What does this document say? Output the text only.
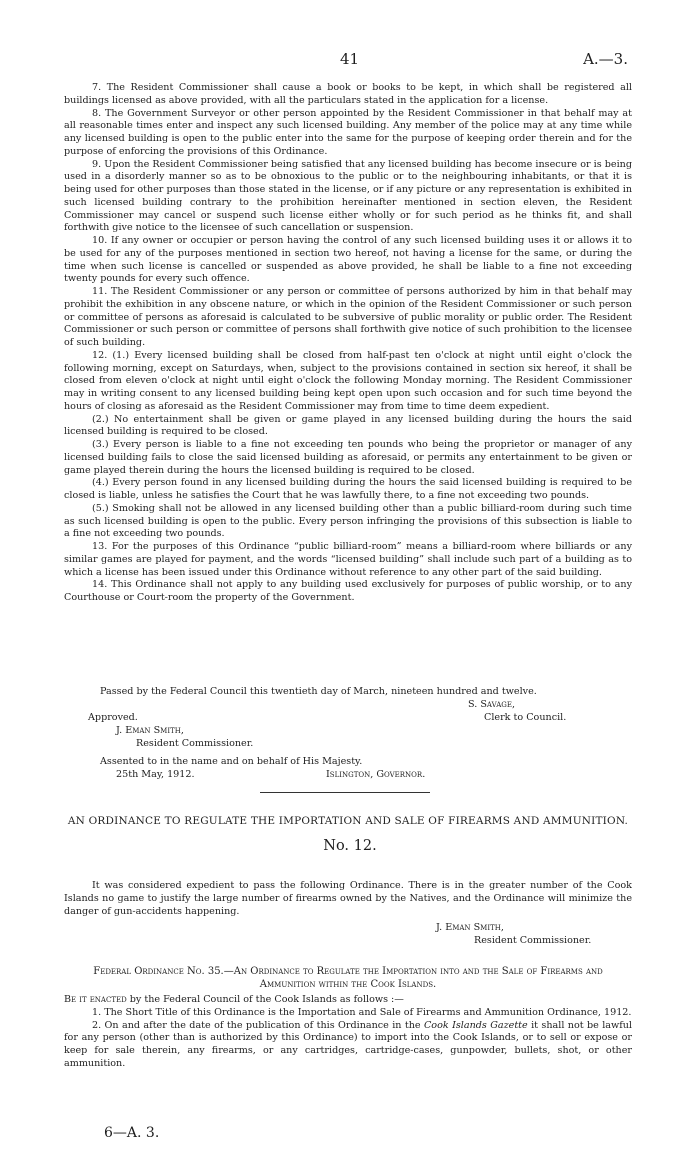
41	A.—3.

7. The Resident Commissioner shall cause a book or books to be kept, in which shall be registered all buildings licensed as above provided, with all the particulars stated in the application for a license.

8. The Government Surveyor or other person appointed by the Resident Commissioner in that behalf may at all reasonable times enter and inspect any such licensed building. Any member of the police may at any time while any licensed building is open to the public enter into the same for the purpose of keeping order therein and for the purpose of enforcing the provisions of this Ordinance.

9. Upon the Resident Commissioner being satisfied that any licensed building has become insecure or is being used in a disorderly manner so as to be obnoxious to the public or to the neighbouring inhabitants, or that it is being used for other purposes than those stated in the license, or if any picture or any representation is exhibited in such licensed building contrary to the prohibition hereinafter mentioned in section eleven, the Resident Commissioner may cancel or suspend such license either wholly or for such period as he thinks fit, and shall forthwith give notice to the licensee of such cancellation or suspension.

10. If any owner or occupier or person having the control of any such licensed building uses it or allows it to be used for any of the purposes mentioned in section two hereof, not having a license for the same, or during the time when such license is cancelled or suspended as above provided, he shall be liable to a fine not exceeding twenty pounds for every such offence.

11. The Resident Commissioner or any person or committee of persons authorized by him in that behalf may prohibit the exhibition in any obscene nature, or which in the opinion of the Resident Commissioner or such person or committee of persons as aforesaid is calculated to be subversive of public morality or public order. The Resident Commissioner or such person or committee of persons shall forthwith give notice of such prohibition to the licensee of such building.

12. (1.) Every licensed building shall be closed from half-past ten o'clock at night until eight o'clock the following morning, except on Saturdays, when, subject to the provisions contained in section six hereof, it shall be closed from eleven o'clock at night until eight o'clock the following Monday morning. The Resident Commissioner may in writing consent to any licensed building being kept open upon such occasion and for such time beyond the hours of closing as aforesaid as the Resident Commissioner may from time to time deem expedient.

(2.) No entertainment shall be given or game played in any licensed building during the hours the said licensed building is required to be closed.

(3.) Every person is liable to a fine not exceeding ten pounds who being the proprietor or manager of any licensed building fails to close the said licensed building as aforesaid, or permits any entertainment to be given or game played therein during the hours the licensed building is required to be closed.

(4.) Every person found in any licensed building during the hours the said licensed building is required to be closed is liable, unless he satisfies the Court that he was lawfully there, to a fine not exceeding two pounds.

(5.) Smoking shall not be allowed in any licensed building other than a public billiard-room during such time as such licensed building is open to the public. Every person infringing the provisions of this subsection is liable to a fine not exceeding two pounds.

13. For the purposes of this Ordinance “public billiard-room” means a billiard-room where billiards or any similar games are played for payment, and the words “licensed building” shall include such part of a building as to which a license has been issued under this Ordinance without reference to any other part of the said building.

14. This Ordinance shall not apply to any building used exclusively for purposes of public worship, or to any Courthouse or Court-room the property of the Government.

Passed by the Federal Council this twentieth day of March, nineteen hundred and twelve.
S. Savage,
Clerk to Council.
Approved.
J. Eman Smith,
Resident Commissioner.
Assented to in the name and on behalf of His Majesty.
25th May, 1912.	Islington, Governor.
AN ORDINANCE TO REGULATE THE IMPORTATION AND SALE OF FIREARMS AND AMMUNITION.
No. 12.

It was considered expedient to pass the following Ordinance. There is in the greater number of the Cook Islands no game to justify the large number of firearms owned by the Natives, and the Ordinance will minimize the danger of gun-accidents happening.

J. Eman Smith,
Resident Commissioner.
Federal Ordinance No. 35.—An Ordinance to Regulate the Importation into and the Sale of Firearms and Ammunition within the Cook Islands.

Be it enacted by the Federal Council of the Cook Islands as follows :—

1. The Short Title of this Ordinance is the Importation and Sale of Firearms and Ammunition Ordinance, 1912.

2. On and after the date of the publication of this Ordinance in the Cook Islands Gazette it shall not be lawful for any person (other than is authorized by this Ordinance) to import into the Cook Islands, or to sell or expose or keep for sale therein, any firearms, or any cartridges, cartridge-cases, gunpowder, bullets, shot, or other ammunition.

6—A. 3.
